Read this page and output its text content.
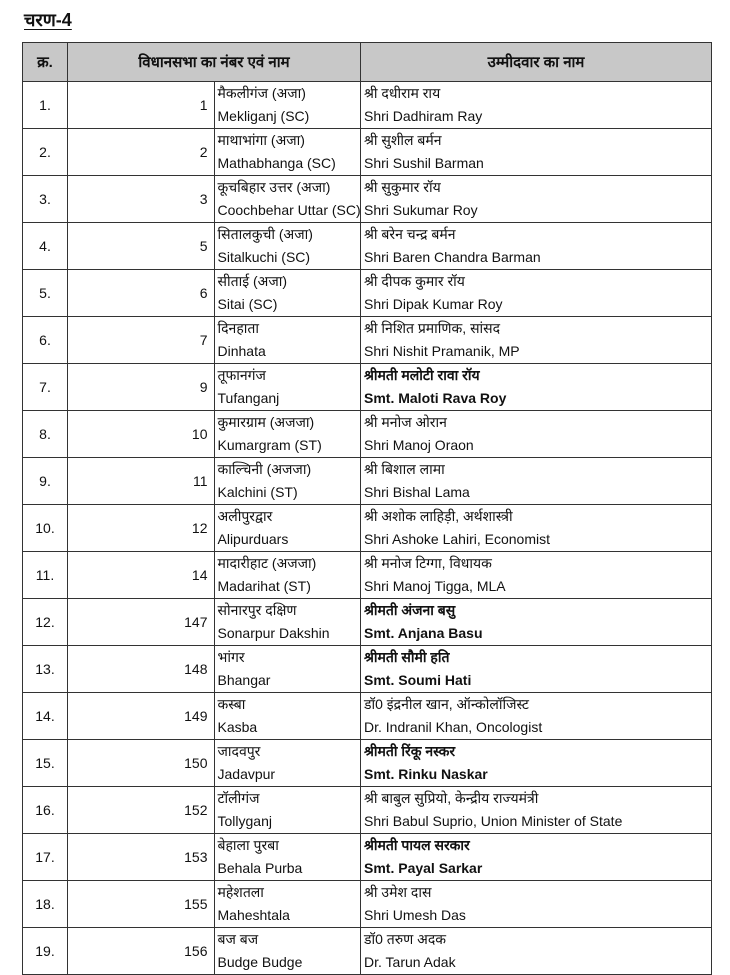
चरण-4
क्र.	विधानसभा का नंबर एवं नाम		उम्मीदवार का नाम
1.	1	मैकलीगंज (अजा)
Mekliganj (SC)	श्री दधीराम राय
Shri Dadhiram Ray

2.	2	माथाभांगा (अजा)
Mathabhanga (SC)	श्री सुशील बर्मन
Shri Sushil Barman

3.	3	कूचबिहार उत्तर (अजा)
Coochbehar Uttar (SC)	श्री सुकुमार रॉय
Shri Sukumar Roy

4.	5	सितालकुची (अजा)
Sitalkuchi (SC)	श्री बरेन चन्द्र बर्मन
Shri Baren Chandra Barman

5.	6	सीताई (अजा)
Sitai (SC)	श्री दीपक कुमार रॉय
Shri Dipak Kumar Roy

6.	7	दिनहाता
Dinhata	श्री निशित प्रमाणिक, सांसद
Shri Nishit Pramanik, MP

7.	9	तूफानगंज
Tufanganj	श्रीमती मलोटी रावा रॉय
Smt. Maloti Rava Roy

8.	10	कुमारग्राम (अजजा)
Kumargram (ST)	श्री मनोज ओरान
Shri Manoj Oraon

9.	11	काल्चिनी (अजजा)
Kalchini (ST)	श्री बिशाल लामा
Shri Bishal Lama

10.	12	अलीपुरद्वार
Alipurduars	श्री अशोक लाहिड़ी, अर्थशास्त्री
Shri Ashoke Lahiri, Economist

11.	14	मादारीहाट (अजजा)
Madarihat (ST)	श्री मनोज टिग्गा, विधायक
Shri Manoj Tigga, MLA

12.	147	सोनारपुर दक्षिण
Sonarpur Dakshin	श्रीमती अंजना बसु
Smt. Anjana Basu

13.	148	भांगर
Bhangar	श्रीमती सौमी हति
Smt. Soumi Hati

14.	149	कस्बा
Kasba	डॉ0 इंद्रनील खान, ऑन्कोलॉजिस्ट
Dr. Indranil Khan, Oncologist

15.	150	जादवपुर
Jadavpur	श्रीमती रिंकू नस्कर
Smt. Rinku Naskar

16.	152	टॉलीगंज
Tollyganj	श्री बाबुल सुप्रियो, केन्द्रीय राज्यमंत्री
Shri Babul Suprio, Union Minister of State

17.	153	बेहाला पुरबा
Behala Purba	श्रीमती पायल सरकार
Smt. Payal Sarkar

18.	155	महेशतला
Maheshtala	श्री उमेश दास
Shri Umesh Das

19.	156	बज बज
Budge Budge	डॉ0 तरुण अदक
Dr. Tarun Adak
